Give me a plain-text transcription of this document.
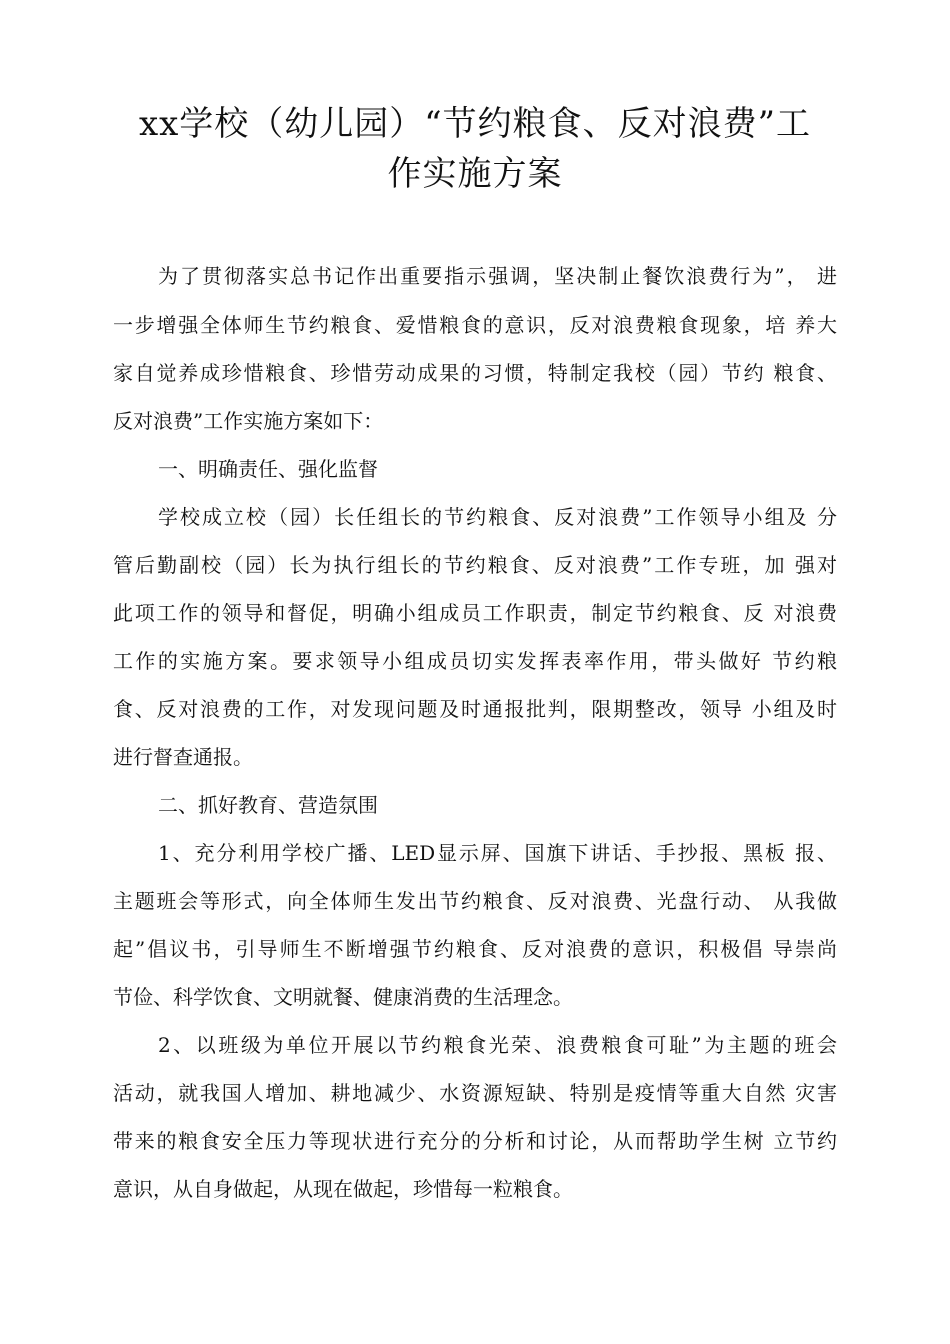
xx学校（幼儿园）“节约粮食、反对浪费”工
作实施方案
为了贯彻落实总书记作出重要指示强调，坚决制止餐饮浪费行为”， 进
一步增强全体师生节约粮食、爱惜粮食的意识，反对浪费粮食现象，培 养大
家自觉养成珍惜粮食、珍惜劳动成果的习惯，特制定我校（园）节约 粮食、
反对浪费”工作实施方案如下：
一、明确责任、强化监督
学校成立校（园）长任组长的节约粮食、反对浪费”工作领导小组及 分
管后勤副校（园）长为执行组长的节约粮食、反对浪费”工作专班，加 强对
此项工作的领导和督促，明确小组成员工作职责，制定节约粮食、反 对浪费
工作的实施方案。要求领导小组成员切实发挥表率作用，带头做好 节约粮
食、反对浪费的工作，对发现问题及时通报批判，限期整改，领导 小组及时
进行督查通报。
二、抓好教育、营造氛围
1、充分利用学校广播、LED显示屏、国旗下讲话、手抄报、黑板 报、
主题班会等形式，向全体师生发出节约粮食、反对浪费、光盘行动、 从我做
起”倡议书，引导师生不断增强节约粮食、反对浪费的意识，积极倡 导崇尚
节俭、科学饮食、文明就餐、健康消费的生活理念。
2、以班级为单位开展以节约粮食光荣、浪费粮食可耻”为主题的班会
活动，就我国人增加、耕地减少、水资源短缺、特别是疫情等重大自然 灾害
带来的粮食安全压力等现状进行充分的分析和讨论，从而帮助学生树 立节约
意识，从自身做起，从现在做起，珍惜每一粒粮食。
